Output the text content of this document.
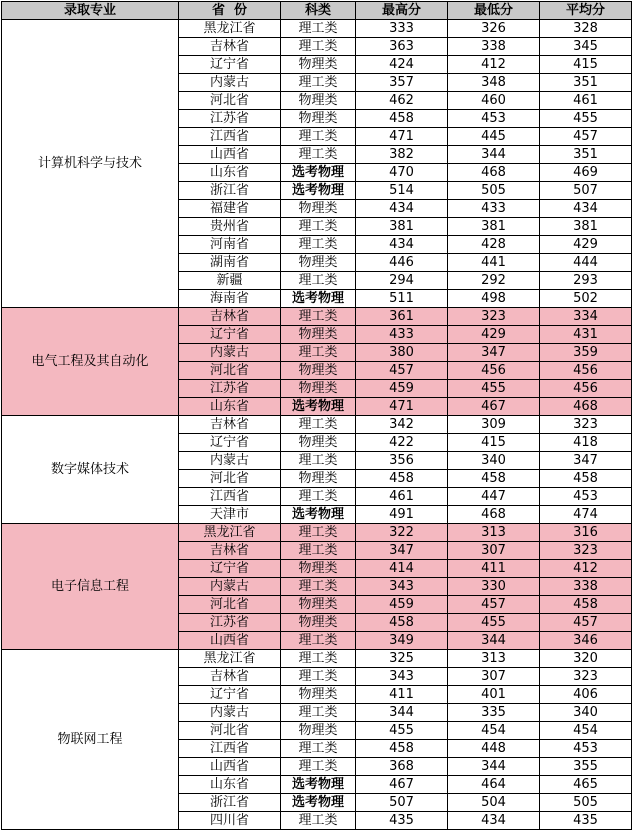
录取专业	省  份	科类	最高分	最低分	平均分
计算机科学与技术	黑龙江省	理工类	333	326	328
	吉林省	理工类	363	338	345
	辽宁省	物理类	424	412	415
	内蒙古	理工类	357	348	351
	河北省	物理类	462	460	461
	江苏省	物理类	458	453	455
	江西省	理工类	471	445	457
	山西省	理工类	382	344	351
	山东省	选考物理	470	468	469
	浙江省	选考物理	514	505	507
	福建省	物理类	434	433	434
	贵州省	理工类	381	381	381
	河南省	理工类	434	428	429
	湖南省	物理类	446	441	444
	新疆	理工类	294	292	293
	海南省	选考物理	511	498	502
电气工程及其自动化	吉林省	理工类	361	323	334
	辽宁省	物理类	433	429	431
	内蒙古	理工类	380	347	359
	河北省	物理类	457	456	456
	江苏省	物理类	459	455	456
	山东省	选考物理	471	467	468
数字媒体技术	吉林省	理工类	342	309	323
	辽宁省	物理类	422	415	418
	内蒙古	理工类	356	340	347
	河北省	物理类	458	458	458
	江西省	理工类	461	447	453
	天津市	选考物理	491	468	474
电子信息工程	黑龙江省	理工类	322	313	316
	吉林省	理工类	347	307	323
	辽宁省	物理类	414	411	412
	内蒙古	理工类	343	330	338
	河北省	物理类	459	457	458
	江苏省	物理类	458	455	457
	山西省	理工类	349	344	346
物联网工程	黑龙江省	理工类	325	313	320
	吉林省	理工类	343	307	323
	辽宁省	物理类	411	401	406
	内蒙古	理工类	344	335	340
	河北省	物理类	455	454	454
	江西省	理工类	458	448	453
	山西省	理工类	368	344	355
	山东省	选考物理	467	464	465
	浙江省	选考物理	507	504	505
	四川省	理工类	435	434	435
